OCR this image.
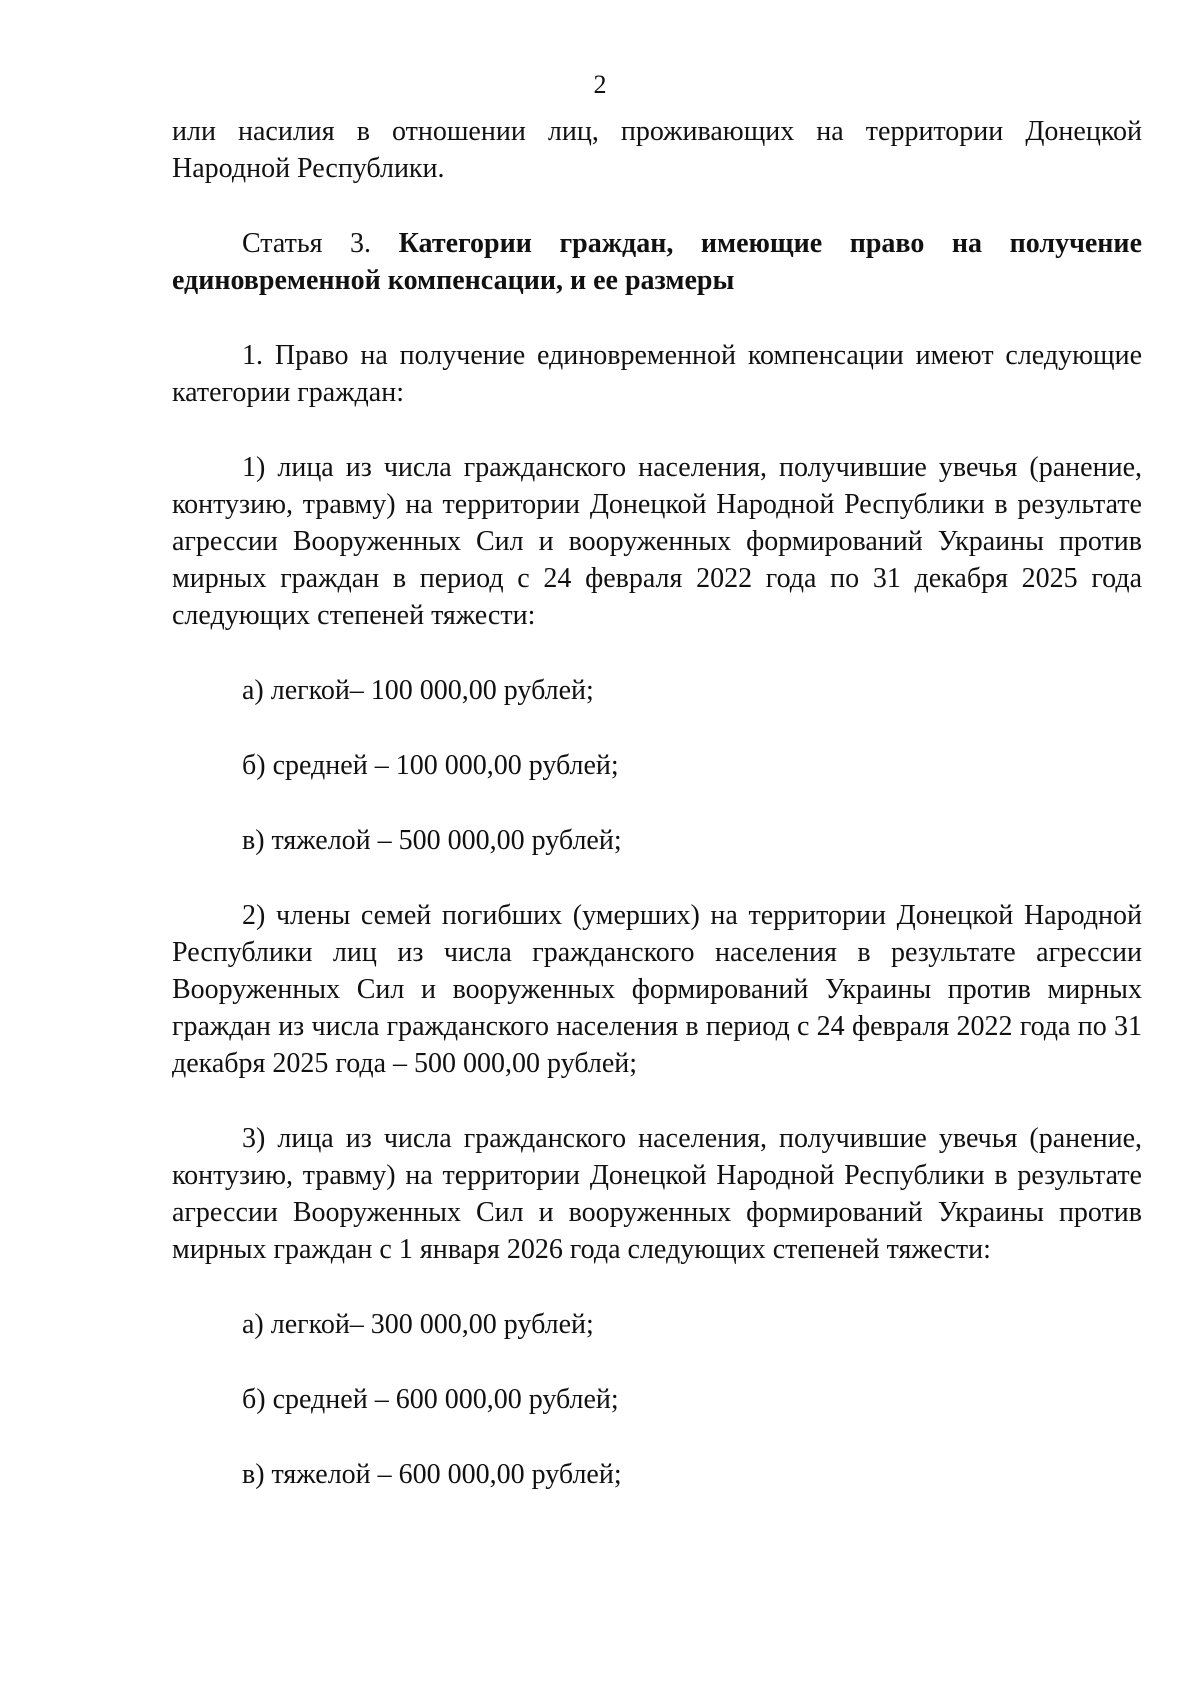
2

или насилия в отношении лиц, проживающих на территории Донецкой Народной Республики.

Статья 3. Категории граждан, имеющие право на получение единовременной компенсации, и ее размеры

1. Право на получение единовременной компенсации имеют следующие категории граждан:

1) лица из числа гражданского населения, получившие увечья (ранение, контузию, травму) на территории Донецкой Народной Республики в результате агрессии Вооруженных Сил и вооруженных формирований Украины против мирных граждан в период с 24 февраля 2022 года по 31 декабря 2025 года следующих степеней тяжести:

а) легкой– 100 000,00 рублей;

б) средней – 100 000,00 рублей;

в) тяжелой – 500 000,00 рублей;

2) члены семей погибших (умерших) на территории Донецкой Народной Республики лиц из числа гражданского населения в результате агрессии Вооруженных Сил и вооруженных формирований Украины против мирных граждан из числа гражданского населения в период с 24 февраля 2022 года по 31 декабря 2025 года – 500 000,00 рублей;

3) лица из числа гражданского населения, получившие увечья (ранение, контузию, травму) на территории Донецкой Народной Республики в результате агрессии Вооруженных Сил и вооруженных формирований Украины против мирных граждан с 1 января 2026 года следующих степеней тяжести:

а) легкой– 300 000,00 рублей;

б) средней – 600 000,00 рублей;

в) тяжелой – 600 000,00 рублей;
